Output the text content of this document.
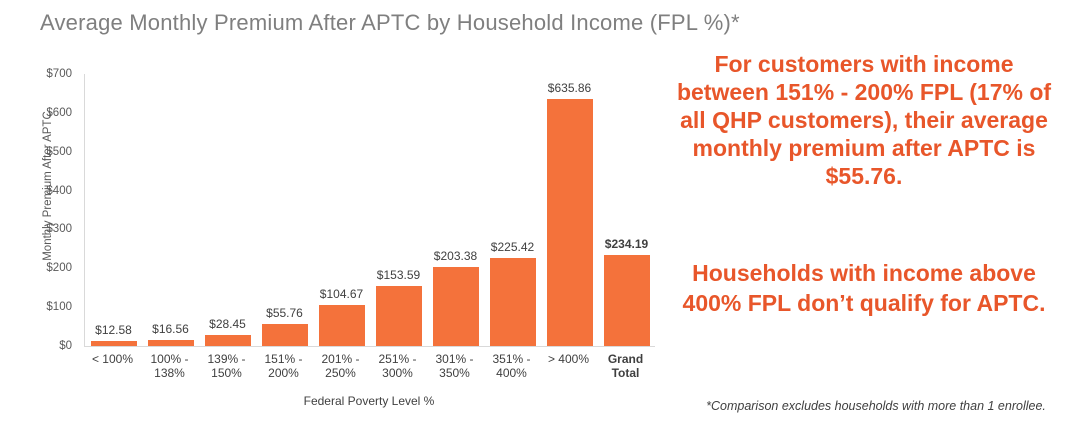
Average Monthly Premium After APTC by Household Income (FPL %)*
Monthly Premium After APTC
$0
$100
$200
$300
$400
$500
$600
$700
$12.58	$16.56	$28.45
$55.76
$104.67
$153.59
$203.38
$225.42
$635.86
$234.19
< 100%	100% -
138%
139% -
150%
151% -
200%
201% -
250%
251% -
300%
301% -
350%
351% -
400%
> 400%	Grand
Total
Federal Poverty Level %
For customers with income between 151% - 200% FPL (17% of all QHP customers), their average monthly premium after APTC is $55.76.
Households with income above 400% FPL don’t qualify for APTC.
*Comparison excludes households with more than 1 enrollee.
